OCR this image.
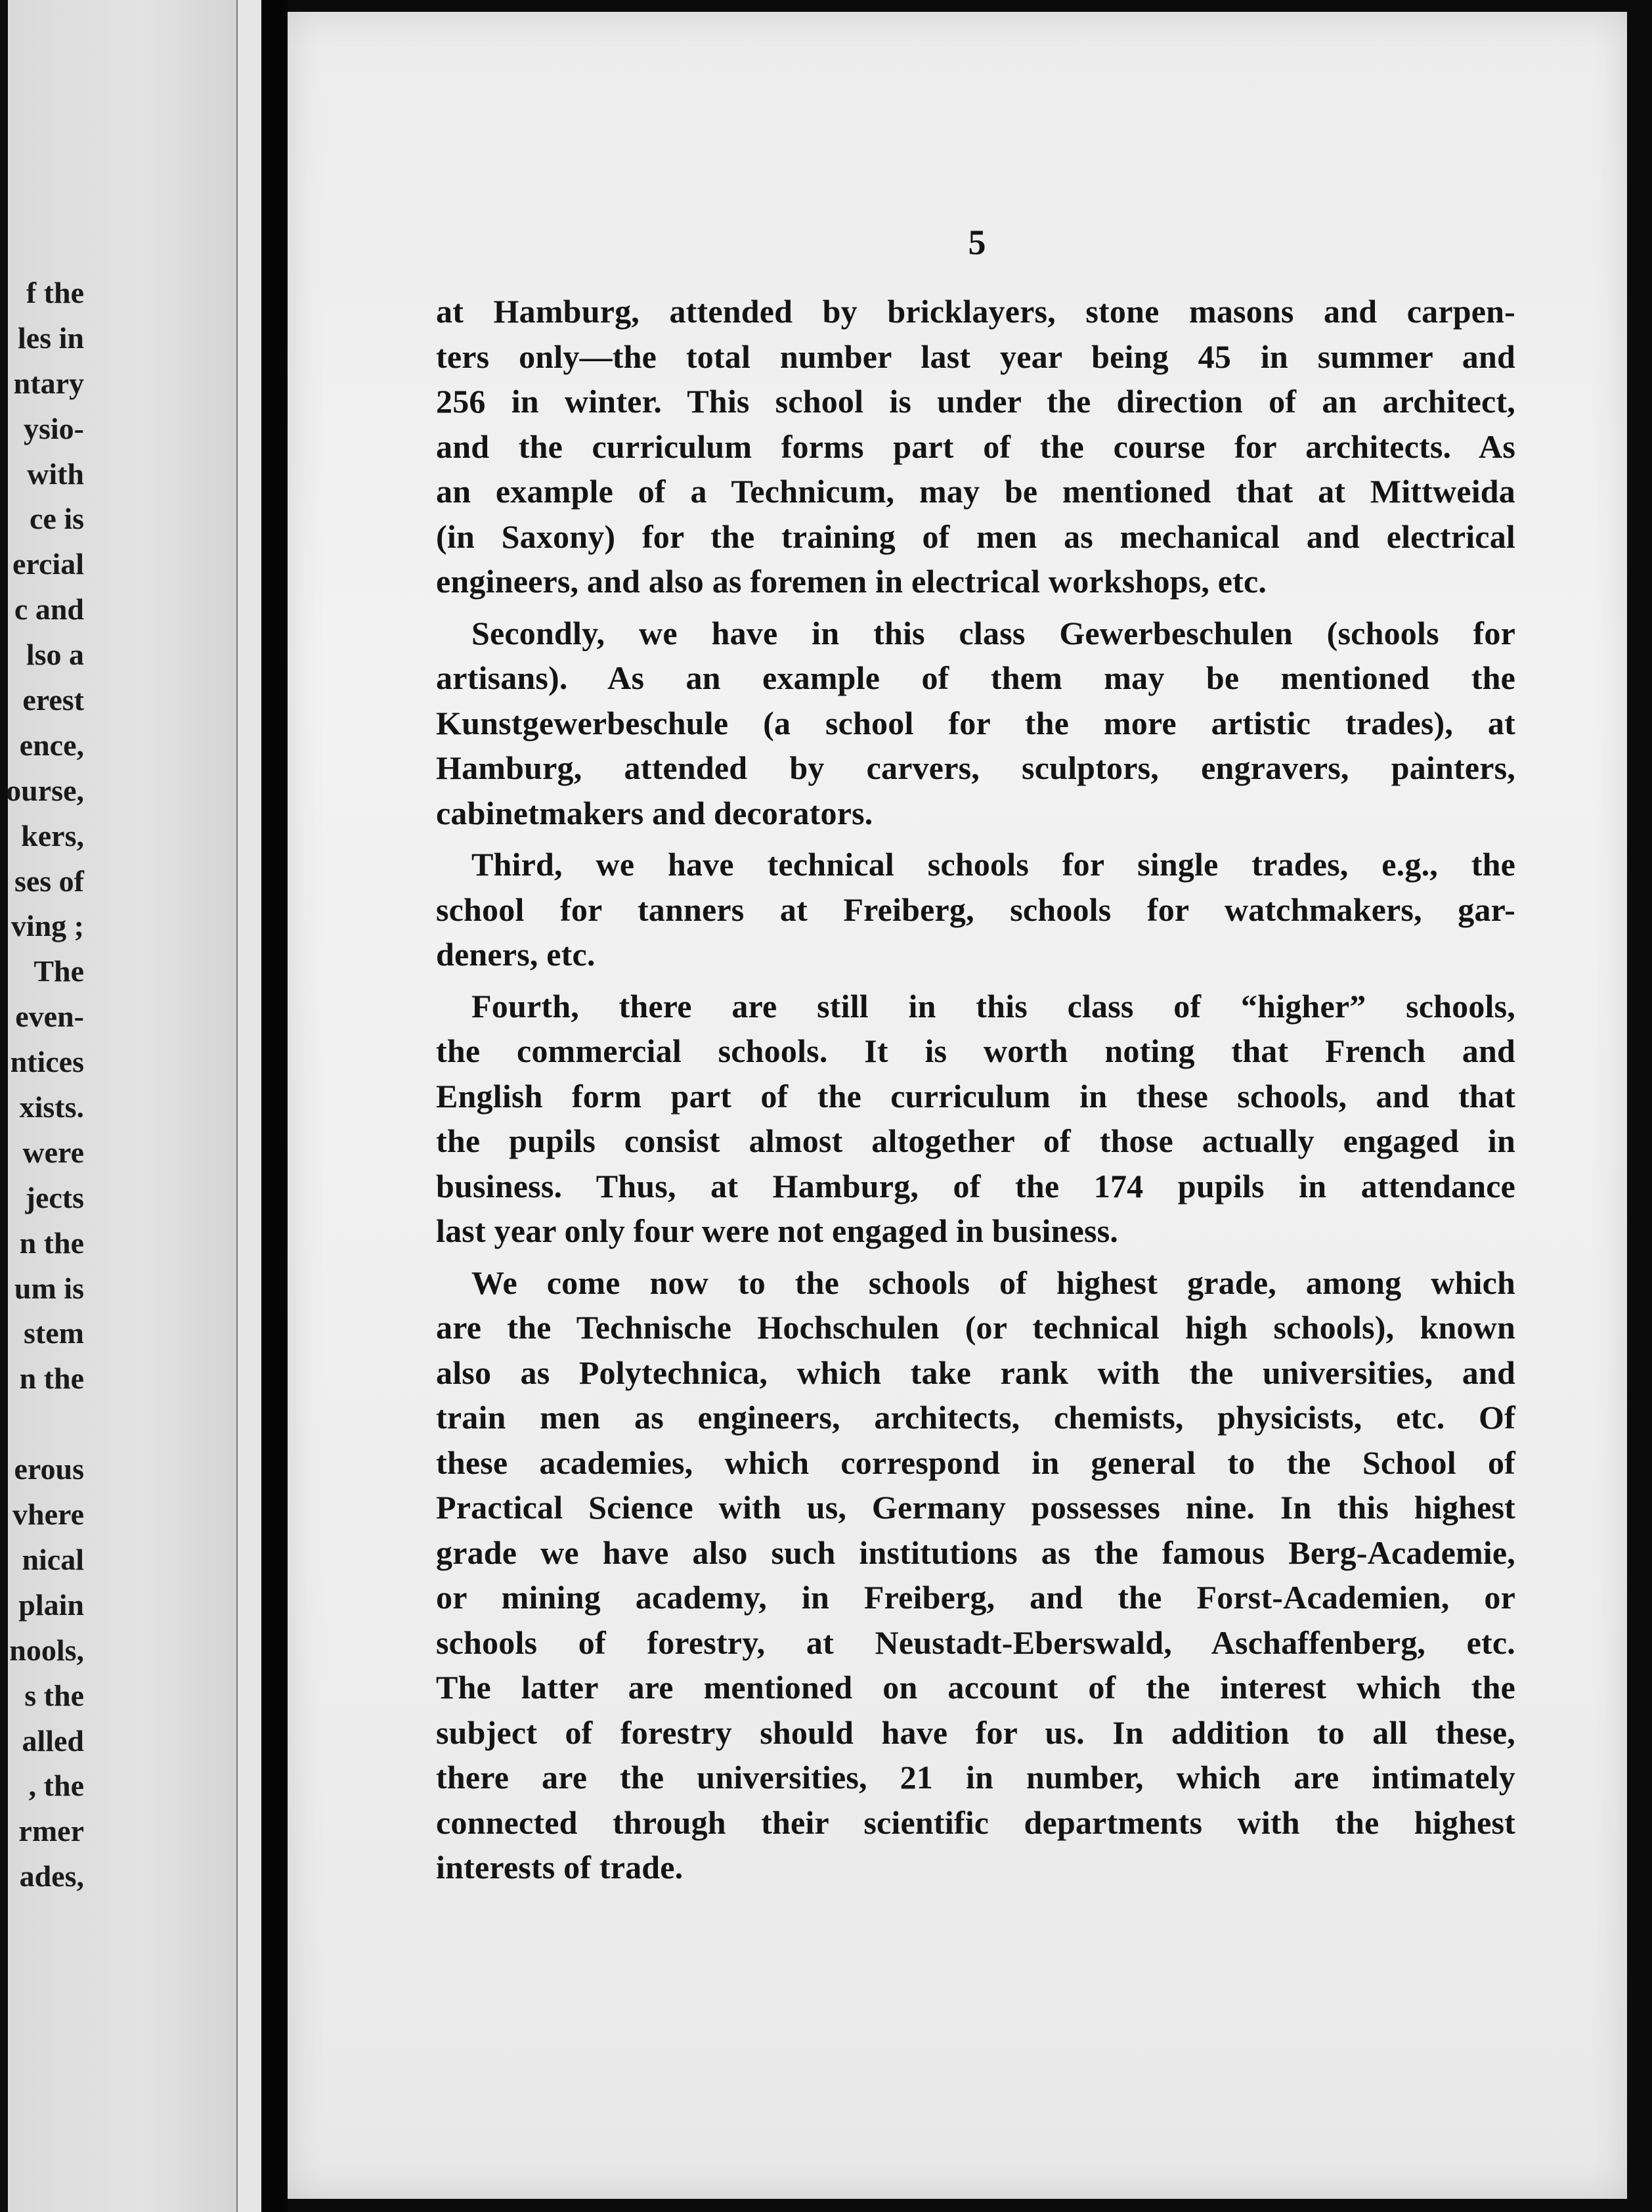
f the
les in
ntary
ysio-
with
ce is
ercial
c and
lso a
erest
ence,
ourse,
kers,
ses of
ving ;
The
even-
ntices
xists.
were
jects
n the
um is
stem
n the
erous
vhere
nical
plain
nools,
s the
alled
, the
rmer
ades,
5
at Hamburg, attended by bricklayers, stone masons and carpen-
ters only—the total number last year being 45 in summer and
256 in winter. This school is under the direction of an architect,
and the curriculum forms part of the course for architects. As
an example of a Technicum, may be mentioned that at Mittweida
(in Saxony) for the training of men as mechanical and electrical
engineers, and also as foremen in electrical workshops, etc.
Secondly, we have in this class Gewerbeschulen (schools for
artisans). As an example of them may be mentioned the
Kunstgewerbeschule (a school for the more artistic trades), at
Hamburg, attended by carvers, sculptors, engravers, painters,
cabinetmakers and decorators.
Third, we have technical schools for single trades, e.g., the
school for tanners at Freiberg, schools for watchmakers, gar-
deners, etc.
Fourth, there are still in this class of “higher” schools,
the commercial schools. It is worth noting that French and
English form part of the curriculum in these schools, and that
the pupils consist almost altogether of those actually engaged in
business. Thus, at Hamburg, of the 174 pupils in attendance
last year only four were not engaged in business.
We come now to the schools of highest grade, among which
are the Technische Hochschulen (or technical high schools), known
also as Polytechnica, which take rank with the universities, and
train men as engineers, architects, chemists, physicists, etc. Of
these academies, which correspond in general to the School of
Practical Science with us, Germany possesses nine. In this highest
grade we have also such institutions as the famous Berg-Academie,
or mining academy, in Freiberg, and the Forst-Academien, or
schools of forestry, at Neustadt-Eberswald, Aschaffenberg, etc.
The latter are mentioned on account of the interest which the
subject of forestry should have for us. In addition to all these,
there are the universities, 21 in number, which are intimately
connected through their scientific departments with the highest
interests of trade.
